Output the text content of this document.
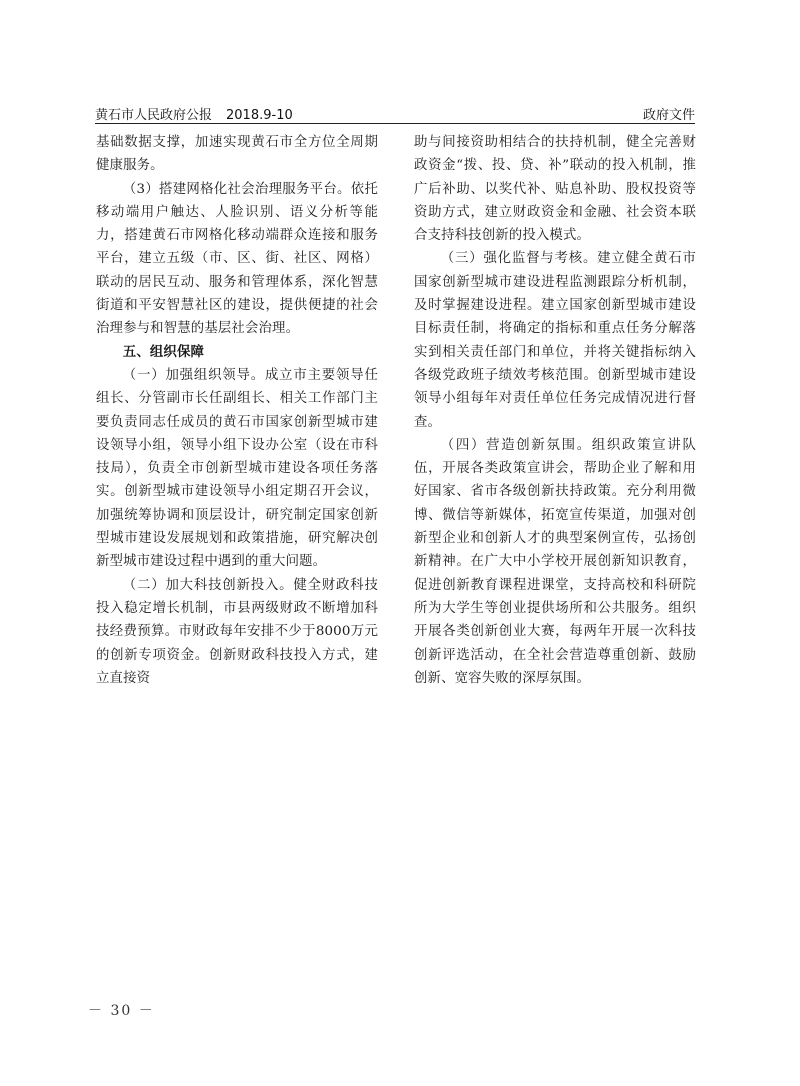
黄石市人民政府公报 2018.9-10	政府文件

基础数据支撑，加速实现黄石市全方位全周期健康服务。

（3）搭建网格化社会治理服务平台。依托移动端用户触达、人脸识别、语义分析等能力，搭建黄石市网格化移动端群众连接和服务平台，建立五级（市、区、街、社区、网格）联动的居民互动、服务和管理体系，深化智慧街道和平安智慧社区的建设，提供便捷的社会治理参与和智慧的基层社会治理。

五、组织保障

（一）加强组织领导。成立市主要领导任组长、分管副市长任副组长、相关工作部门主要负责同志任成员的黄石市国家创新型城市建设领导小组，领导小组下设办公室（设在市科技局），负责全市创新型城市建设各项任务落实。创新型城市建设领导小组定期召开会议，加强统筹协调和顶层设计，研究制定国家创新型城市建设发展规划和政策措施，研究解决创新型城市建设过程中遇到的重大问题。

（二）加大科技创新投入。健全财政科技投入稳定增长机制，市县两级财政不断增加科技经费预算。市财政每年安排不少于8000万元的创新专项资金。创新财政科技投入方式，建立直接资

助与间接资助相结合的扶持机制，健全完善财政资金“拨、投、贷、补”联动的投入机制，推广后补助、以奖代补、贴息补助、股权投资等资助方式，建立财政资金和金融、社会资本联合支持科技创新的投入模式。

（三）强化监督与考核。建立健全黄石市国家创新型城市建设进程监测跟踪分析机制，及时掌握建设进程。建立国家创新型城市建设目标责任制，将确定的指标和重点任务分解落实到相关责任部门和单位，并将关键指标纳入各级党政班子绩效考核范围。创新型城市建设领导小组每年对责任单位任务完成情况进行督查。

（四）营造创新氛围。组织政策宣讲队伍，开展各类政策宣讲会，帮助企业了解和用好国家、省市各级创新扶持政策。充分利用微博、微信等新媒体，拓宽宣传渠道，加强对创新型企业和创新人才的典型案例宣传，弘扬创新精神。在广大中小学校开展创新知识教育，促进创新教育课程进课堂，支持高校和科研院所为大学生等创业提供场所和公共服务。组织开展各类创新创业大赛，每两年开展一次科技创新评选活动，在全社会营造尊重创新、鼓励创新、宽容失败的深厚氛围。

－ 30 －
